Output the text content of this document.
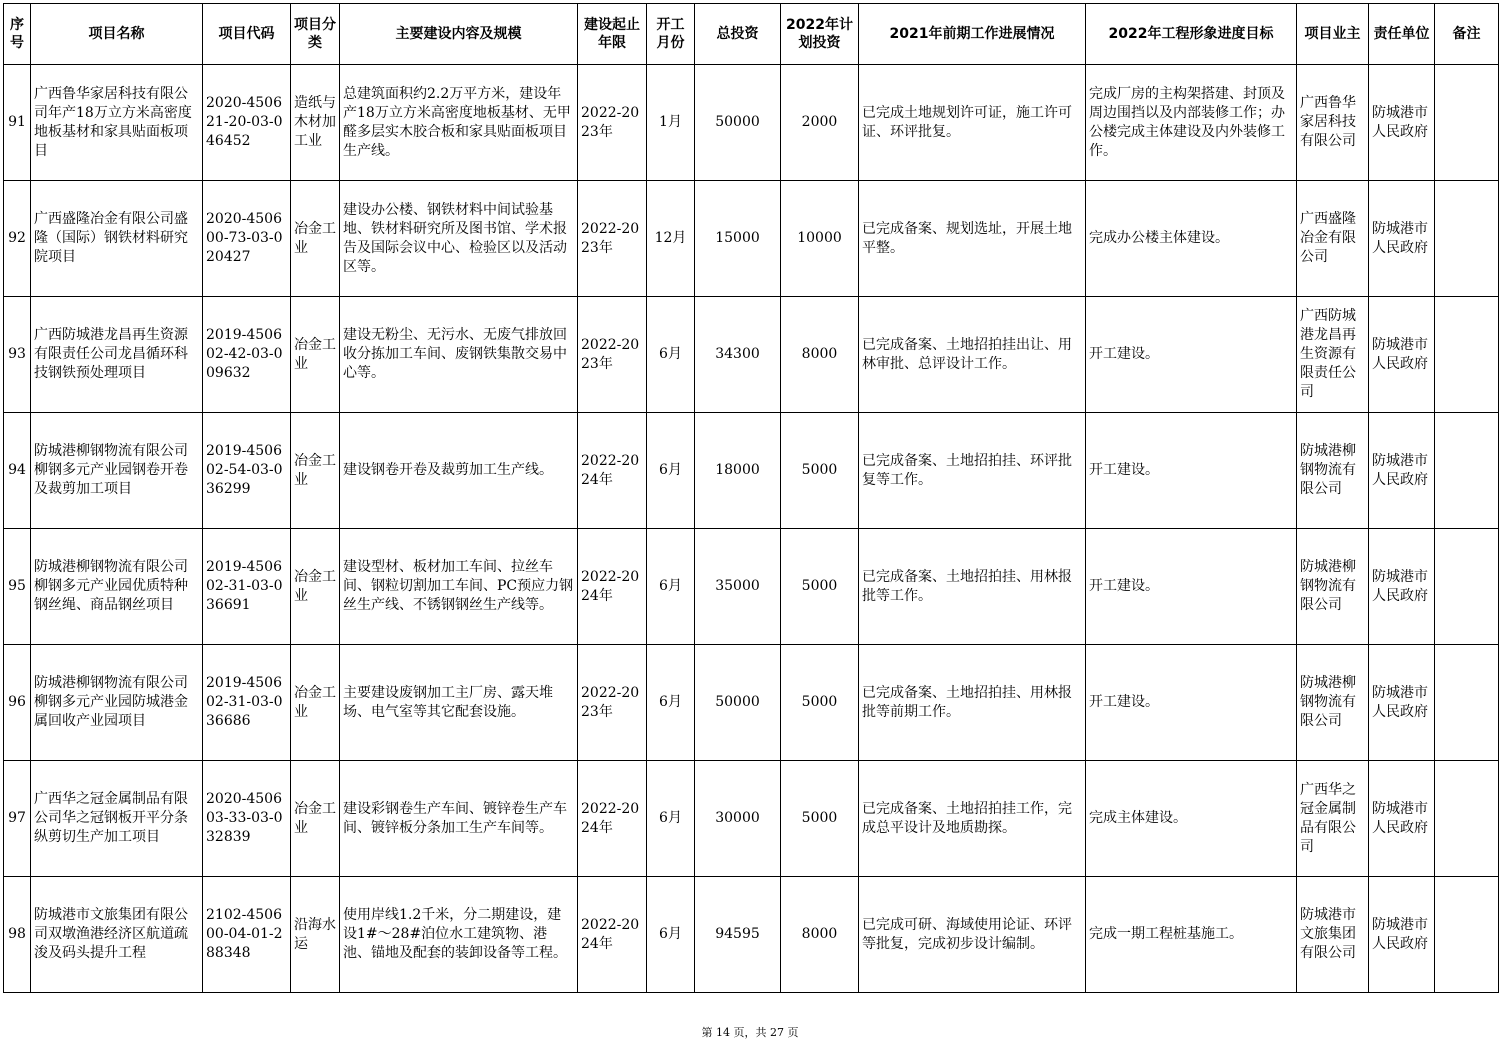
序号	项目名称	项目代码	项目分类	主要建设内容及规模	建设起止年限	开工月份	总投资	2022年计划投资	2021年前期工作进展情况	2022年工程形象进度目标	项目业主	责任单位	备注
91	广西鲁华家居科技有限公司年产18万立方米高密度地板基材和家具贴面板项目	2020-450621-20-03-046452	造纸与木材加工业	总建筑面积约2.2万平方米，建设年产18万立方米高密度地板基材、无甲醛多层实木胶合板和家具贴面板项目生产线。	2022-2023年	1月	50000	2000	已完成土地规划许可证，施工许可证、环评批复。	完成厂房的主构架搭建、封顶及周边围挡以及内部装修工作；办公楼完成主体建设及内外装修工作。	广西鲁华家居科技有限公司	防城港市人民政府	
92	广西盛隆冶金有限公司盛隆（国际）钢铁材料研究院项目	2020-450600-73-03-020427	冶金工业	建设办公楼、钢铁材料中间试验基地、铁材料研究所及图书馆、学术报告及国际会议中心、检验区以及活动区等。	2022-2023年	12月	15000	10000	已完成备案、规划选址，开展土地平整。	完成办公楼主体建设。	广西盛隆冶金有限公司	防城港市人民政府	
93	广西防城港龙昌再生资源有限责任公司龙昌循环科技钢铁预处理项目	2019-450602-42-03-009632	冶金工业	建设无粉尘、无污水、无废气排放回收分拣加工车间、废钢铁集散交易中心等。	2022-2023年	6月	34300	8000	已完成备案、土地招拍挂出让、用林审批、总评设计工作。	开工建设。	广西防城港龙昌再生资源有限责任公司	防城港市人民政府	
94	防城港柳钢物流有限公司柳钢多元产业园钢卷开卷及裁剪加工项目	2019-450602-54-03-036299	冶金工业	建设钢卷开卷及裁剪加工生产线。	2022-2024年	6月	18000	5000	已完成备案、土地招拍挂、环评批复等工作。	开工建设。	防城港柳钢物流有限公司	防城港市人民政府	
95	防城港柳钢物流有限公司柳钢多元产业园优质特种钢丝绳、商品钢丝项目	2019-450602-31-03-036691	冶金工业	建设型材、板材加工车间、拉丝车间、钢粒切割加工车间、PC预应力钢丝生产线、不锈钢钢丝生产线等。	2022-2024年	6月	35000	5000	已完成备案、土地招拍挂、用林报批等工作。	开工建设。	防城港柳钢物流有限公司	防城港市人民政府	
96	防城港柳钢物流有限公司柳钢多元产业园防城港金属回收产业园项目	2019-450602-31-03-036686	冶金工业	主要建设废钢加工主厂房、露天堆场、电气室等其它配套设施。	2022-2023年	6月	50000	5000	已完成备案、土地招拍挂、用林报批等前期工作。	开工建设。	防城港柳钢物流有限公司	防城港市人民政府	
97	广西华之冠金属制品有限公司华之冠钢板开平分条纵剪切生产加工项目	2020-450603-33-03-032839	冶金工业	建设彩钢卷生产车间、镀锌卷生产车间、镀锌板分条加工生产车间等。	2022-2024年	6月	30000	5000	已完成备案、土地招拍挂工作，完成总平设计及地质勘探。	完成主体建设。	广西华之冠金属制品有限公司	防城港市人民政府	
98	防城港市文旅集团有限公司双墩渔港经济区航道疏浚及码头提升工程	2102-450600-04-01-288348	沿海水运	使用岸线1.2千米，分二期建设，建设1#～28#泊位水工建筑物、港池、锚地及配套的装卸设备等工程。	2022-2024年	6月	94595	8000	已完成可研、海域使用论证、环评等批复，完成初步设计编制。	完成一期工程桩基施工。	防城港市文旅集团有限公司	防城港市人民政府	
第 14 页，共 27 页
